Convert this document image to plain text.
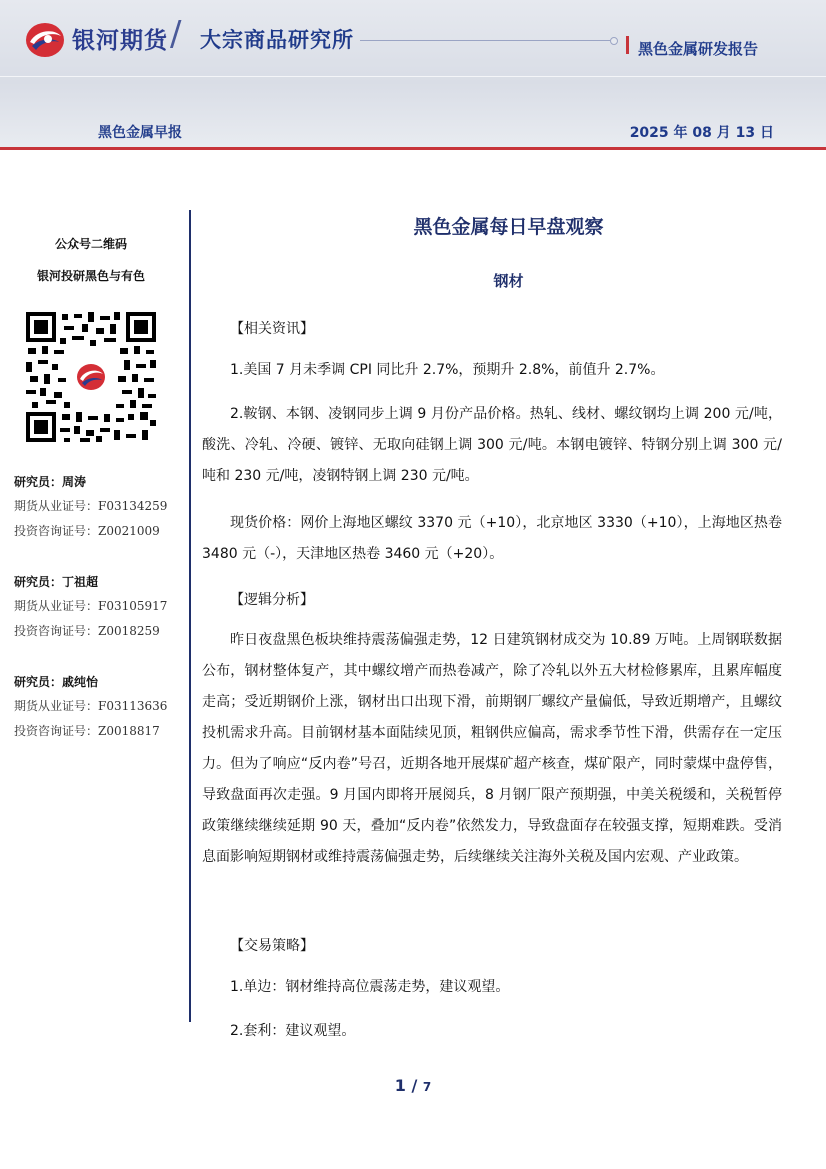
银河期货 / 大宗商品研究所	黑色金属研发报告
黑色金属早报	2025 年 08 月 13 日
公众号二维码
银河投研黑色与有色
研究员：周涛
期货从业证号：F03134259
投资咨询证号：Z0021009
研究员：丁祖超
期货从业证号：F03105917
投资咨询证号：Z0018259
研究员：戚纯怡
期货从业证号：F03113636
投资咨询证号：Z0018817
黑色金属每日早盘观察
钢材
【相关资讯】

1.美国 7 月未季调 CPI 同比升 2.7%，预期升 2.8%，前值升 2.7%。

2.鞍钢、本钢、凌钢同步上调 9 月份产品价格。热轧、线材、螺纹钢均上调 200 元/吨，酸洗、冷轧、冷硬、镀锌、无取向硅钢上调 300 元/吨。本钢电镀锌、特钢分别上调 300 元/吨和 230 元/吨，凌钢特钢上调 230 元/吨。

现货价格：网价上海地区螺纹 3370 元（+10），北京地区 3330（+10），上海地区热卷 3480 元（-），天津地区热卷 3460 元（+20）。

【逻辑分析】

昨日夜盘黑色板块维持震荡偏强走势，12 日建筑钢材成交为 10.89 万吨。上周钢联数据公布，钢材整体复产，其中螺纹增产而热卷减产，除了冷轧以外五大材检修累库，且累库幅度走高；受近期钢价上涨，钢材出口出现下滑，前期钢厂螺纹产量偏低，导致近期增产，且螺纹投机需求升高。目前钢材基本面陆续见顶，粗钢供应偏高，需求季节性下滑，供需存在一定压力。但为了响应“反内卷”号召，近期各地开展煤矿超产核查，煤矿限产，同时蒙煤中盘停售，导致盘面再次走强。9 月国内即将开展阅兵，8 月钢厂限产预期强，中美关税缓和，关税暂停政策继续继续延期 90 天，叠加“反内卷”依然发力，导致盘面存在较强支撑，短期难跌。受消息面影响短期钢材或维持震荡偏强走势，后续继续关注海外关税及国内宏观、产业政策。

【交易策略】

1.单边：钢材维持高位震荡走势，建议观望。

2.套利：建议观望。

1 / 7
